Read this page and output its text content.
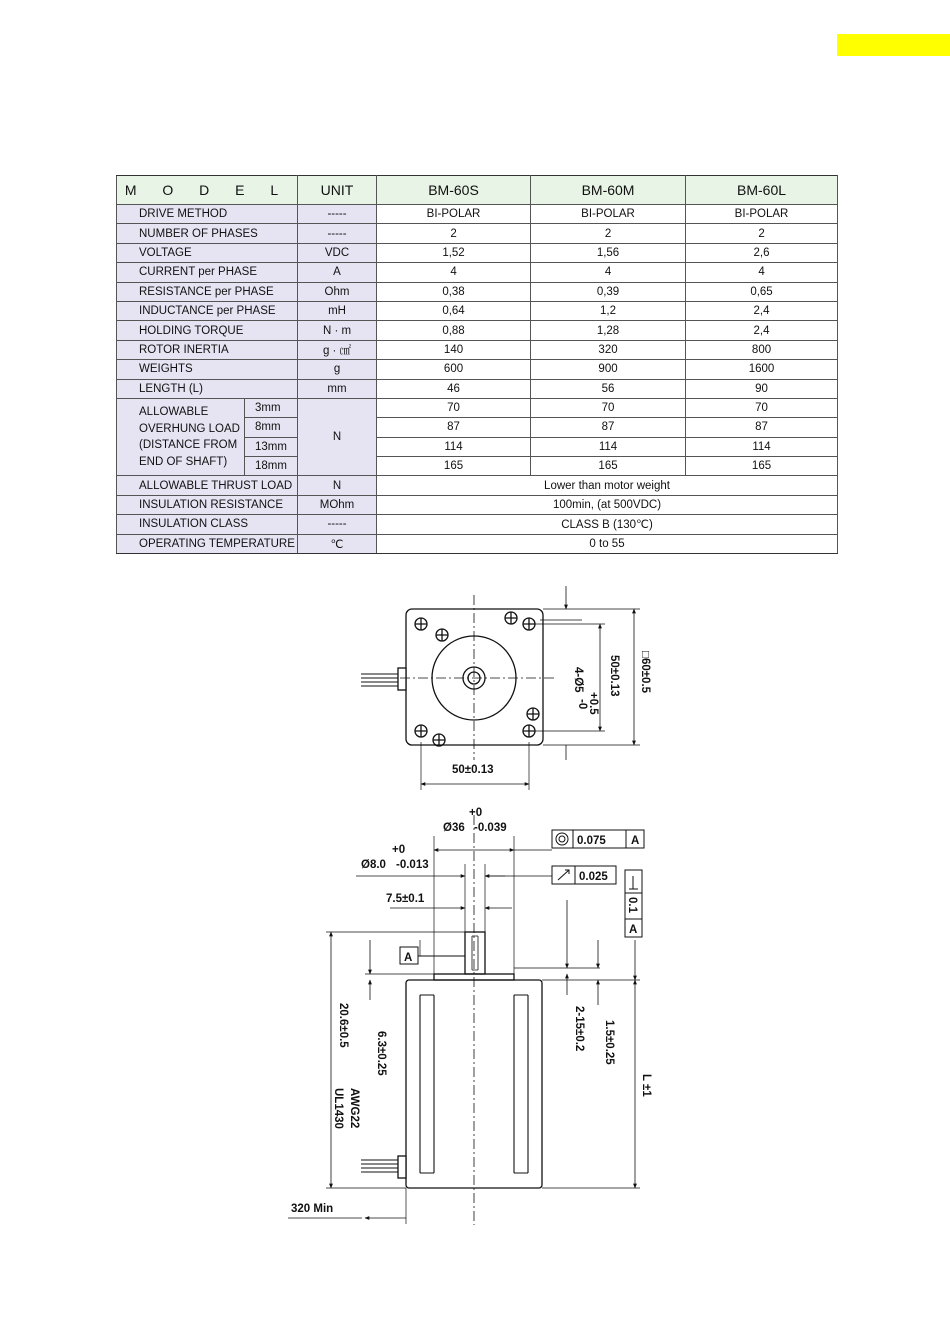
M O D E L		UNIT	BM-60S	BM-60M	BM-60L
DRIVE METHOD		-----	BI-POLAR	BI-POLAR	BI-POLAR
NUMBER OF PHASES		-----	2	2	2
VOLTAGE		VDC	1,52	1,56	2,6
CURRENT per PHASE		A	4	4	4
RESISTANCE per PHASE		Ohm	0,38	0,39	0,65
INDUCTANCE per PHASE		mH	0,64	1,2	2,4
HOLDING TORQUE		N · m	0,88	1,28	2,4
ROTOR INERTIA		g · ㎠	140	320	800
WEIGHTS		g	600	900	1600
LENGTH (L)		mm	46	56	90
ALLOWABLE OVERHUNG LOAD (DISTANCE FROM END OF SHAFT)	3mm	N	70	70	70
	8mm		87	87	87
	13mm		114	114	114
	18mm		165	165	165
ALLOWABLE THRUST LOAD		N	Lower than motor weight		
INSULATION RESISTANCE		MOhm	100min, (at 500VDC)		
INSULATION CLASS		-----	CLASS B (130℃)		
OPERATING TEMPERATURE		℃	0 to 55		
50±0.13
50±0.13
4-Ø5
+0.5
-0
□60±0.5
0.075 A
0.025
0.1
A
A
+0
Ø36 -0.039
+0
Ø8.0 -0.013
7.5±0.1
20.6±0.5
6.3±0.25
2-15±0.2 1.5±0.25
L ±1
AWG22
UL1430
320 Min
